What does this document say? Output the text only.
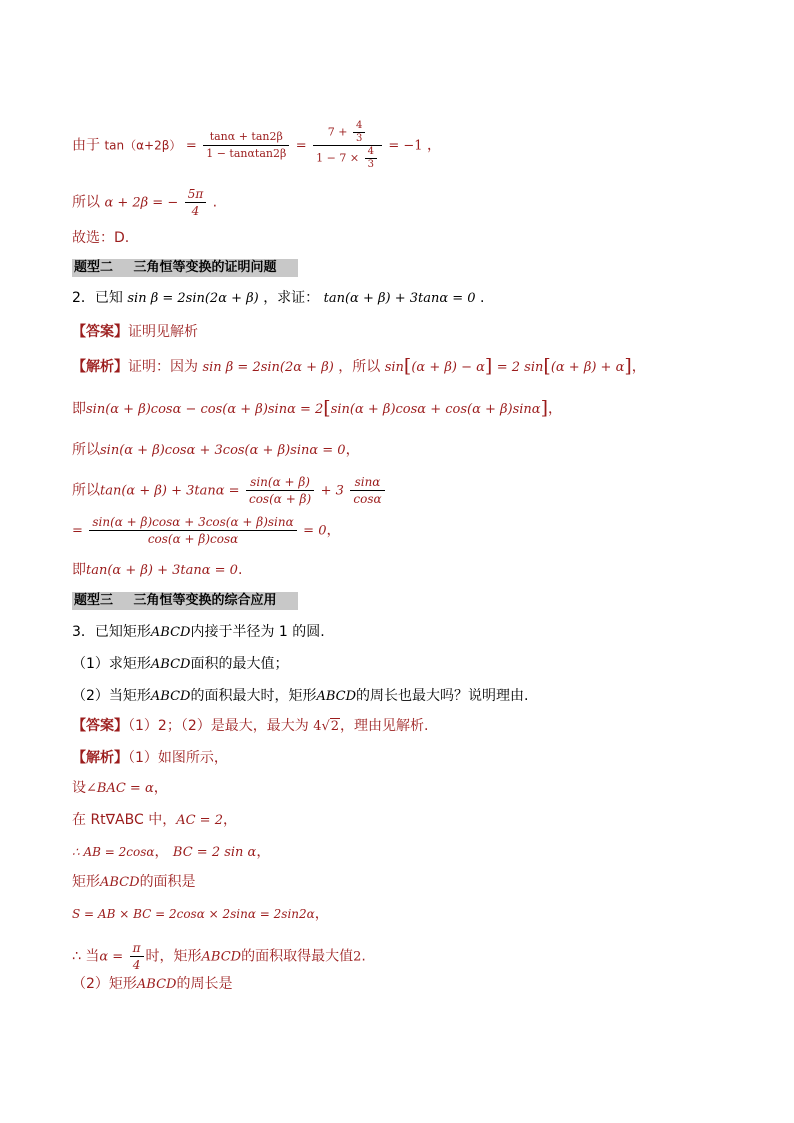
由于 $\tan(\alpha+2\beta) = \frac{\tan\alpha + \tan 2\beta}{1 - \tan\alpha\tan 2\beta} = \frac{7 + \frac{4}{3}}{1 - 7 \times \frac{4}{3}} = -1$ ，
所以 α + 2β = − $\frac{5\pi}{4}$ .
故选：D.
题型二 三角恒等变换的证明问题
2．已知 sin β = 2sin(2α + β) ，求证： tan(α + β) + 3tanα = 0 .
【答案】证明见解析
【解析】证明：因为 sin β = 2sin(2α + β) ，所以 sin[(α + β) − α] = 2 sin[(α + β) + α]，
即sin(α + β)cosα − cos(α + β)sinα = 2[sin(α + β)cosα + cos(α + β)sinα]，
所以sin(α + β)cosα + 3cos(α + β)sinα = 0，
所以$\tan(\alpha + \beta) + 3\tan\alpha = \frac{\sin(\alpha + \beta)}{\cos(\alpha + \beta)} + 3 \frac{\sin\alpha}{\cos\alpha}$
= $\frac{\sin(\alpha + \beta)\cos\alpha + 3\cos(\alpha + \beta)\sin\alpha}{\cos(\alpha + \beta)\cos\alpha} = 0$，
即tan(α + β) + 3tanα = 0.
题型三 三角恒等变换的综合应用
3．已知矩形ABCD内接于半径为 1 的圆.
（1）求矩形ABCD面积的最大值；
（2）当矩形ABCD的面积最大时，矩形ABCD的周长也最大吗？说明理由.
【答案】（1）2；（2）是最大，最大为 4√2，理由见解析.
【解析】（1）如图所示，
设∠BAC = α，
在 Rt∇ABC 中，AC = 2，
∴ AB = 2cosα， BC = 2 sin α，
矩形ABCD的面积是
S = AB × BC = 2cosα × 2sinα = 2sin2α，
∴ 当$\alpha = \frac{\pi}{4}$ 时，矩形ABCD的面积取得最大值2.
（2）矩形ABCD的周长是
